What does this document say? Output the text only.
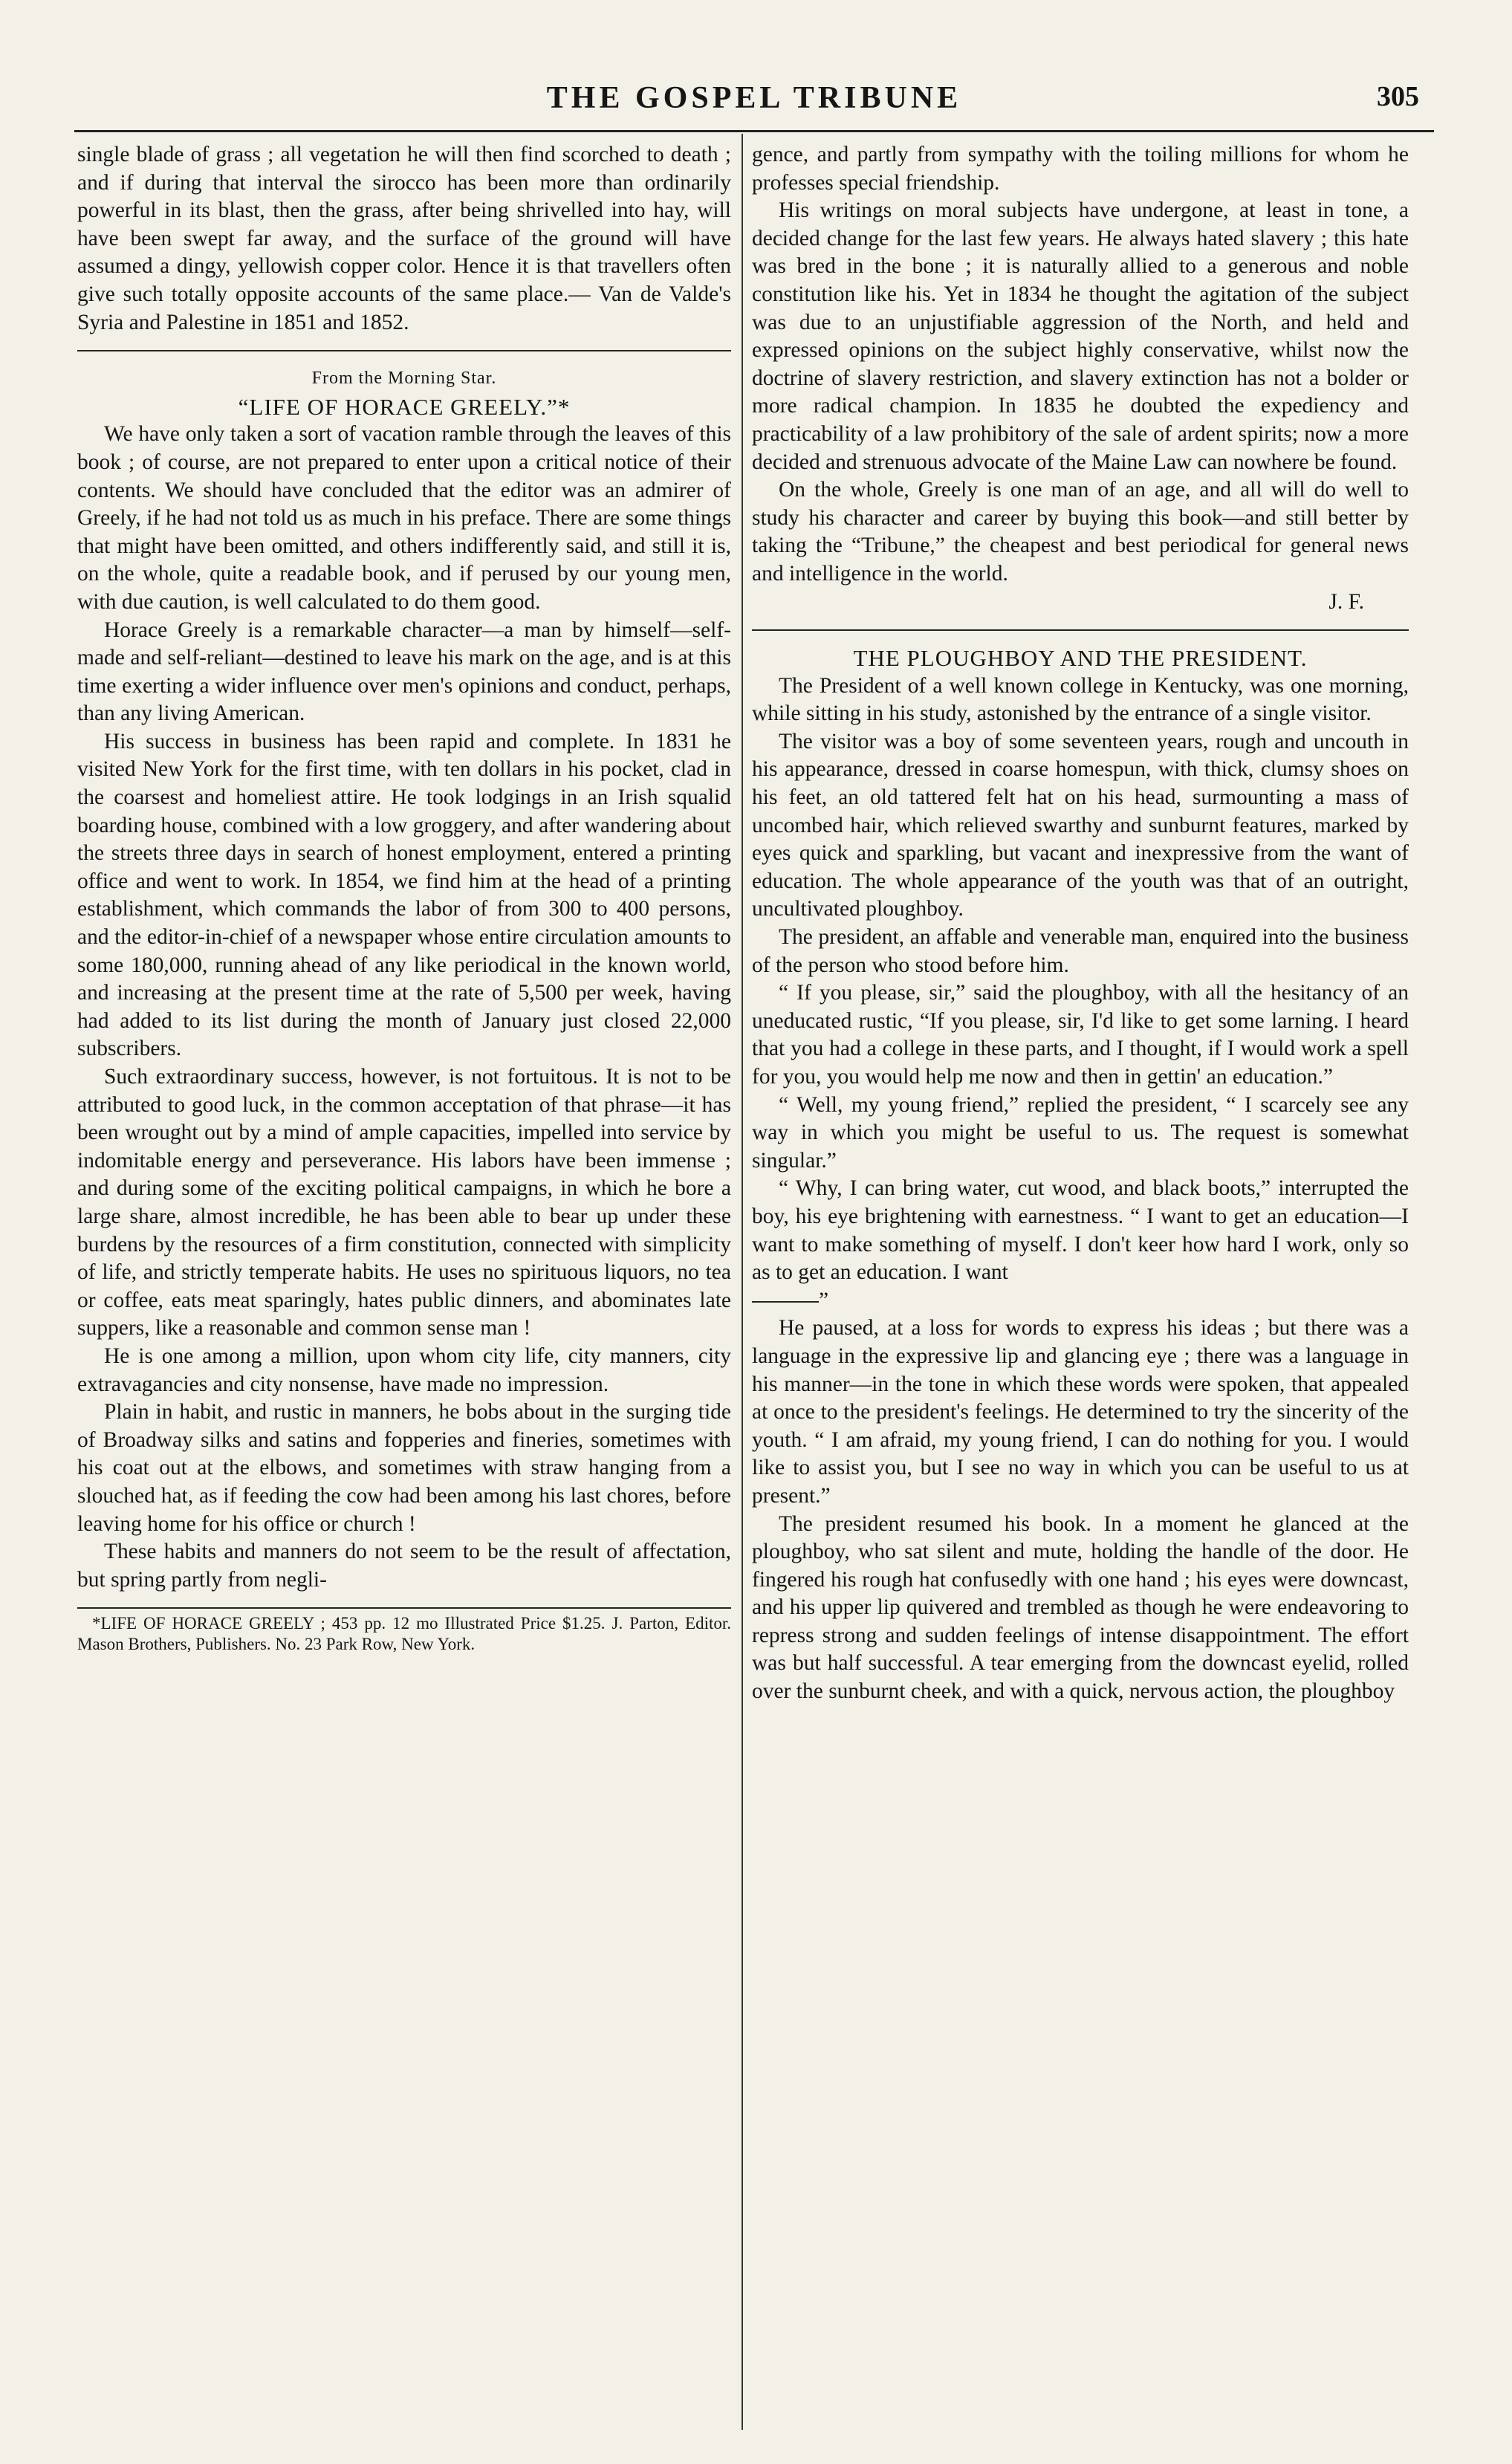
THE GOSPEL TRIBUNE	305

single blade of grass ; all vegetation he will then find scorched to death ; and if during that interval the sirocco has been more than ordinarily powerful in its blast, then the grass, after being shrivelled into hay, will have been swept far away, and the surface of the ground will have assumed a dingy, yellowish copper color. Hence it is that travellers often give such totally opposite accounts of the same place.— Van de Valde's Syria and Palestine in 1851 and 1852.

From the Morning Star.

“LIFE OF HORACE GREELY.”*

We have only taken a sort of vacation ramble through the leaves of this book ; of course, are not prepared to enter upon a critical notice of their contents. We should have concluded that the editor was an admirer of Greely, if he had not told us as much in his preface. There are some things that might have been omitted, and others indifferently said, and still it is, on the whole, quite a readable book, and if perused by our young men, with due caution, is well calculated to do them good.

Horace Greely is a remarkable character—a man by himself—self-made and self-reliant—destined to leave his mark on the age, and is at this time exerting a wider influence over men's opinions and conduct, perhaps, than any living American.

His success in business has been rapid and complete. In 1831 he visited New York for the first time, with ten dollars in his pocket, clad in the coarsest and homeliest attire. He took lodgings in an Irish squalid boarding house, combined with a low groggery, and after wandering about the streets three days in search of honest employment, entered a printing office and went to work. In 1854, we find him at the head of a printing establishment, which commands the labor of from 300 to 400 persons, and the editor-in-chief of a newspaper whose entire circulation amounts to some 180,000, running ahead of any like periodical in the known world, and increasing at the present time at the rate of 5,500 per week, having had added to its list during the month of January just closed 22,000 subscribers.

Such extraordinary success, however, is not fortuitous. It is not to be attributed to good luck, in the common acceptation of that phrase—it has been wrought out by a mind of ample capacities, impelled into service by indomitable energy and perseverance. His labors have been immense ; and during some of the exciting political campaigns, in which he bore a large share, almost incredible, he has been able to bear up under these burdens by the resources of a firm constitution, connected with simplicity of life, and strictly temperate habits. He uses no spirituous liquors, no tea or coffee, eats meat sparingly, hates public dinners, and abominates late suppers, like a reasonable and common sense man !

He is one among a million, upon whom city life, city manners, city extravagancies and city nonsense, have made no impression.

Plain in habit, and rustic in manners, he bobs about in the surging tide of Broadway silks and satins and fopperies and fineries, sometimes with his coat out at the elbows, and sometimes with straw hanging from a slouched hat, as if feeding the cow had been among his last chores, before leaving home for his office or church !

These habits and manners do not seem to be the result of affectation, but spring partly from negli-

*LIFE OF HORACE GREELY ; 453 pp. 12 mo Illustrated Price $1.25. J. Parton, Editor. Mason Brothers, Publishers. No. 23 Park Row, New York.

gence, and partly from sympathy with the toiling millions for whom he professes special friendship.

His writings on moral subjects have undergone, at least in tone, a decided change for the last few years. He always hated slavery ; this hate was bred in the bone ; it is naturally allied to a generous and noble constitution like his. Yet in 1834 he thought the agitation of the subject was due to an unjustifiable aggression of the North, and held and expressed opinions on the subject highly conservative, whilst now the doctrine of slavery restriction, and slavery extinction has not a bolder or more radical champion. In 1835 he doubted the expediency and practicability of a law prohibitory of the sale of ardent spirits; now a more decided and strenuous advocate of the Maine Law can nowhere be found.

On the whole, Greely is one man of an age, and all will do well to study his character and career by buying this book—and still better by taking the “Tribune,” the cheapest and best periodical for general news and intelligence in the world.

J. F.

THE PLOUGHBOY AND THE PRESIDENT.

The President of a well known college in Kentucky, was one morning, while sitting in his study, astonished by the entrance of a single visitor.

The visitor was a boy of some seventeen years, rough and uncouth in his appearance, dressed in coarse homespun, with thick, clumsy shoes on his feet, an old tattered felt hat on his head, surmounting a mass of uncombed hair, which relieved swarthy and sunburnt features, marked by eyes quick and sparkling, but vacant and inexpressive from the want of education. The whole appearance of the youth was that of an outright, uncultivated ploughboy.

The president, an affable and venerable man, enquired into the business of the person who stood before him.

“ If you please, sir,” said the ploughboy, with all the hesitancy of an uneducated rustic, “If you please, sir, I'd like to get some larning. I heard that you had a college in these parts, and I thought, if I would work a spell for you, you would help me now and then in gettin' an education.”

“ Well, my young friend,” replied the president, “ I scarcely see any way in which you might be useful to us. The request is somewhat singular.”

“ Why, I can bring water, cut wood, and black boots,” interrupted the boy, his eye brightening with earnestness. “ I want to get an education—I want to make something of myself. I don't keer how hard I work, only so as to get an education. I want

”

He paused, at a loss for words to express his ideas ; but there was a language in the expressive lip and glancing eye ; there was a language in his manner—in the tone in which these words were spoken, that appealed at once to the president's feelings. He determined to try the sincerity of the youth. “ I am afraid, my young friend, I can do nothing for you. I would like to assist you, but I see no way in which you can be useful to us at present.”

The president resumed his book. In a moment he glanced at the ploughboy, who sat silent and mute, holding the handle of the door. He fingered his rough hat confusedly with one hand ; his eyes were downcast, and his upper lip quivered and trembled as though he were endeavoring to repress strong and sudden feelings of intense disappointment. The effort was but half successful. A tear emerging from the downcast eyelid, rolled over the sunburnt cheek, and with a quick, nervous action, the ploughboy
